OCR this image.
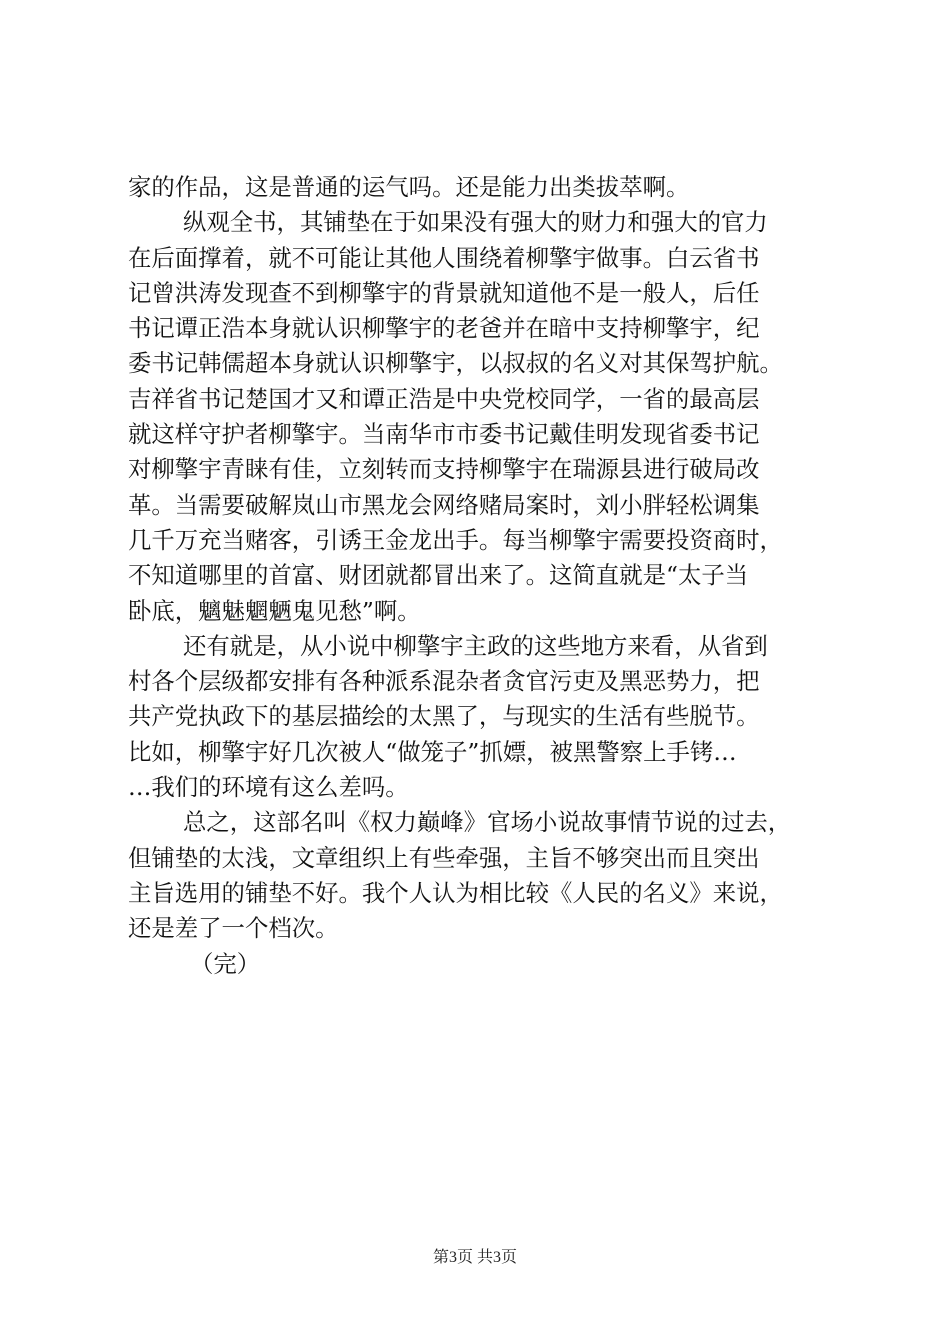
家的作品，这是普通的运气吗。还是能力出类拔萃啊。
纵观全书，其铺垫在于如果没有强大的财力和强大的官力
在后面撑着，就不可能让其他人围绕着柳擎宇做事。白云省书
记曾洪涛发现查不到柳擎宇的背景就知道他不是一般人，后任
书记谭正浩本身就认识柳擎宇的老爸并在暗中支持柳擎宇，纪
委书记韩儒超本身就认识柳擎宇，以叔叔的名义对其保驾护航。
吉祥省书记楚国才又和谭正浩是中央党校同学，一省的最高层
就这样守护者柳擎宇。当南华市市委书记戴佳明发现省委书记
对柳擎宇青睐有佳，立刻转而支持柳擎宇在瑞源县进行破局改
革。当需要破解岚山市黑龙会网络赌局案时，刘小胖轻松调集
几千万充当赌客，引诱王金龙出手。每当柳擎宇需要投资商时，
不知道哪里的首富、财团就都冒出来了。这简直就是“太子当
卧底，魑魅魍魉鬼见愁”啊。
还有就是，从小说中柳擎宇主政的这些地方来看，从省到
村各个层级都安排有各种派系混杂者贪官污吏及黑恶势力，把
共产党执政下的基层描绘的太黑了，与现实的生活有些脱节。
比如，柳擎宇好几次被人“做笼子”抓嫖，被黑警察上手铐…
…我们的环境有这么差吗。
总之，这部名叫《权力巅峰》官场小说故事情节说的过去，
但铺垫的太浅，文章组织上有些牵强，主旨不够突出而且突出
主旨选用的铺垫不好。我个人认为相比较《人民的名义》来说，
还是差了一个档次。
（完）
第3页 共3页
